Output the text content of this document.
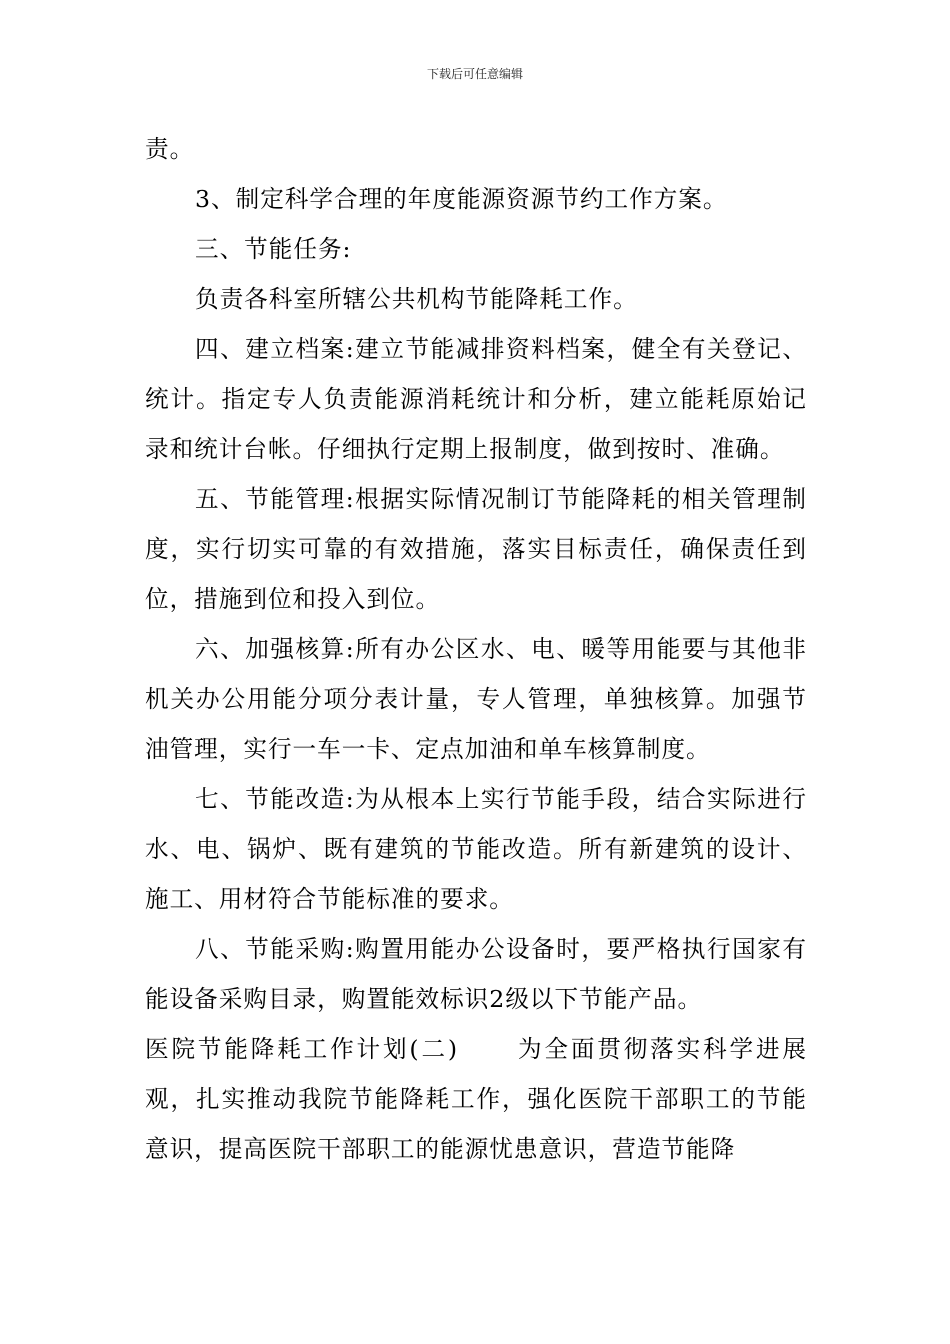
下载后可任意编辑

责。

3、制定科学合理的年度能源资源节约工作方案。

三、节能任务:

负责各科室所辖公共机构节能降耗工作。

四、建立档案:建立节能减排资料档案，健全有关登记、统计。指定专人负责能源消耗统计和分析，建立能耗原始记录和统计台帐。仔细执行定期上报制度，做到按时、准确。

五、节能管理:根据实际情况制订节能降耗的相关管理制度，实行切实可靠的有效措施，落实目标责任，确保责任到位，措施到位和投入到位。

六、加强核算:所有办公区水、电、暖等用能要与其他非机关办公用能分项分表计量，专人管理，单独核算。加强节油管理，实行一车一卡、定点加油和单车核算制度。

七、节能改造:为从根本上实行节能手段，结合实际进行水、电、锅炉、既有建筑的节能改造。所有新建筑的设计、施工、用材符合节能标准的要求。

八、节能采购:购置用能办公设备时，要严格执行国家有能设备采购目录，购置能效标识2级以下节能产品。

医院节能降耗工作计划(二) 为全面贯彻落实科学进展观，扎实推动我院节能降耗工作，强化医院干部职工的节能意识，提高医院干部职工的能源忧患意识，营造节能降
